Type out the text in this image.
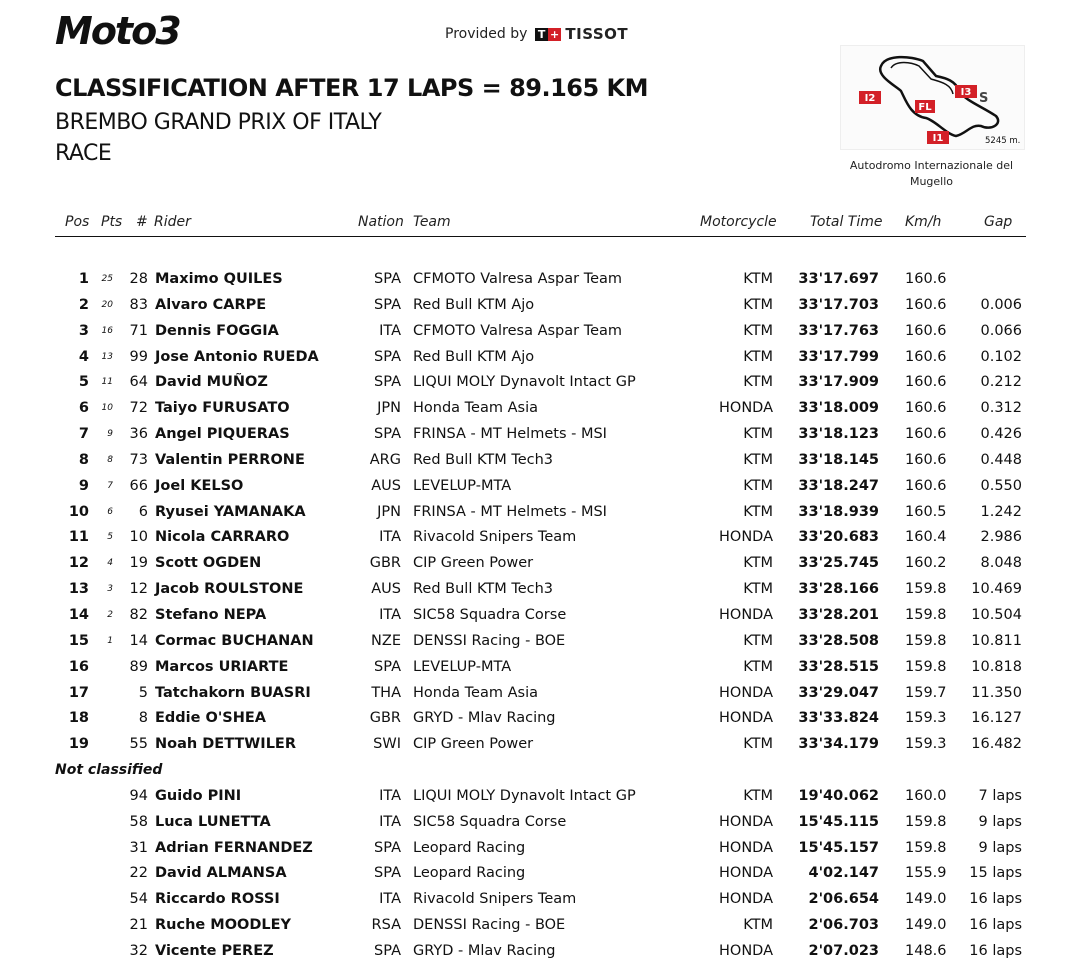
Moto3	Provided by T + TISSOT
CLASSIFICATION AFTER 17 LAPS = 89.165 KM
BREMBO GRAND PRIX OF ITALY
RACE
I2
FL
I3 S
I1	5245 m.
Autodromo Internazionale del Mugello
Pos Pts # Rider	Nation Team	Motorcycle Total Time Km/h	Gap
1 25 28 Maximo QUILES	SPA CFMOTO Valresa Aspar Team	KTM 33'17.697 160.6
2 20 83 Alvaro CARPE	SPA Red Bull KTM Ajo	KTM 33'17.703 160.6 0.006
3 16 71 Dennis FOGGIA	ITA CFMOTO Valresa Aspar Team	KTM 33'17.763 160.6 0.066
4 13 99 Jose Antonio RUEDA	SPA Red Bull KTM Ajo	KTM 33'17.799 160.6 0.102
5 11 64 David MUÑOZ	SPA LIQUI MOLY Dynavolt Intact GP	KTM 33'17.909 160.6 0.212
6 10 72 Taiyo FURUSATO	JPN Honda Team Asia	HONDA 33'18.009 160.6 0.312
7 9 36 Angel PIQUERAS	SPA FRINSA - MT Helmets - MSI	KTM 33'18.123 160.6 0.426
8 8 73 Valentin PERRONE	ARG Red Bull KTM Tech3	KTM 33'18.145 160.6 0.448
9 7 66 Joel KELSO	AUS LEVELUP-MTA	KTM 33'18.247 160.6 0.550
10 6 6 Ryusei YAMANAKA	JPN FRINSA - MT Helmets - MSI	KTM 33'18.939 160.5 1.242
11 5 10 Nicola CARRARO	ITA Rivacold Snipers Team	HONDA 33'20.683 160.4 2.986
12 4 19 Scott OGDEN	GBR CIP Green Power	KTM 33'25.745 160.2 8.048
13 3 12 Jacob ROULSTONE	AUS Red Bull KTM Tech3	KTM 33'28.166 159.8 10.469
14 2 82 Stefano NEPA	ITA SIC58 Squadra Corse	HONDA 33'28.201 159.8 10.504
15 1 14 Cormac BUCHANAN	NZE DENSSI Racing - BOE	KTM 33'28.508 159.8 10.811
16	89 Marcos URIARTE	SPA LEVELUP-MTA	KTM 33'28.515 159.8 10.818
17	5 Tatchakorn BUASRI	THA Honda Team Asia	HONDA 33'29.047 159.7 11.350
18	8 Eddie O'SHEA	GBR GRYD - Mlav Racing	HONDA 33'33.824 159.3 16.127
19	55 Noah DETTWILER	SWI CIP Green Power	KTM 33'34.179 159.3 16.482
Not classified
94 Guido PINI	ITA LIQUI MOLY Dynavolt Intact GP	KTM 19'40.062 160.0 7 laps
58 Luca LUNETTA	ITA SIC58 Squadra Corse	HONDA 15'45.115 159.8 9 laps
31 Adrian FERNANDEZ	SPA Leopard Racing	HONDA 15'45.157 159.8 9 laps
22 David ALMANSA	SPA Leopard Racing	HONDA 4'02.147 155.9 15 laps
54 Riccardo ROSSI	ITA Rivacold Snipers Team	HONDA 2'06.654 149.0 16 laps
21 Ruche MOODLEY	RSA DENSSI Racing - BOE	KTM 2'06.703 149.0 16 laps
32 Vicente PEREZ	SPA GRYD - Mlav Racing	HONDA 2'07.023 148.6 16 laps
